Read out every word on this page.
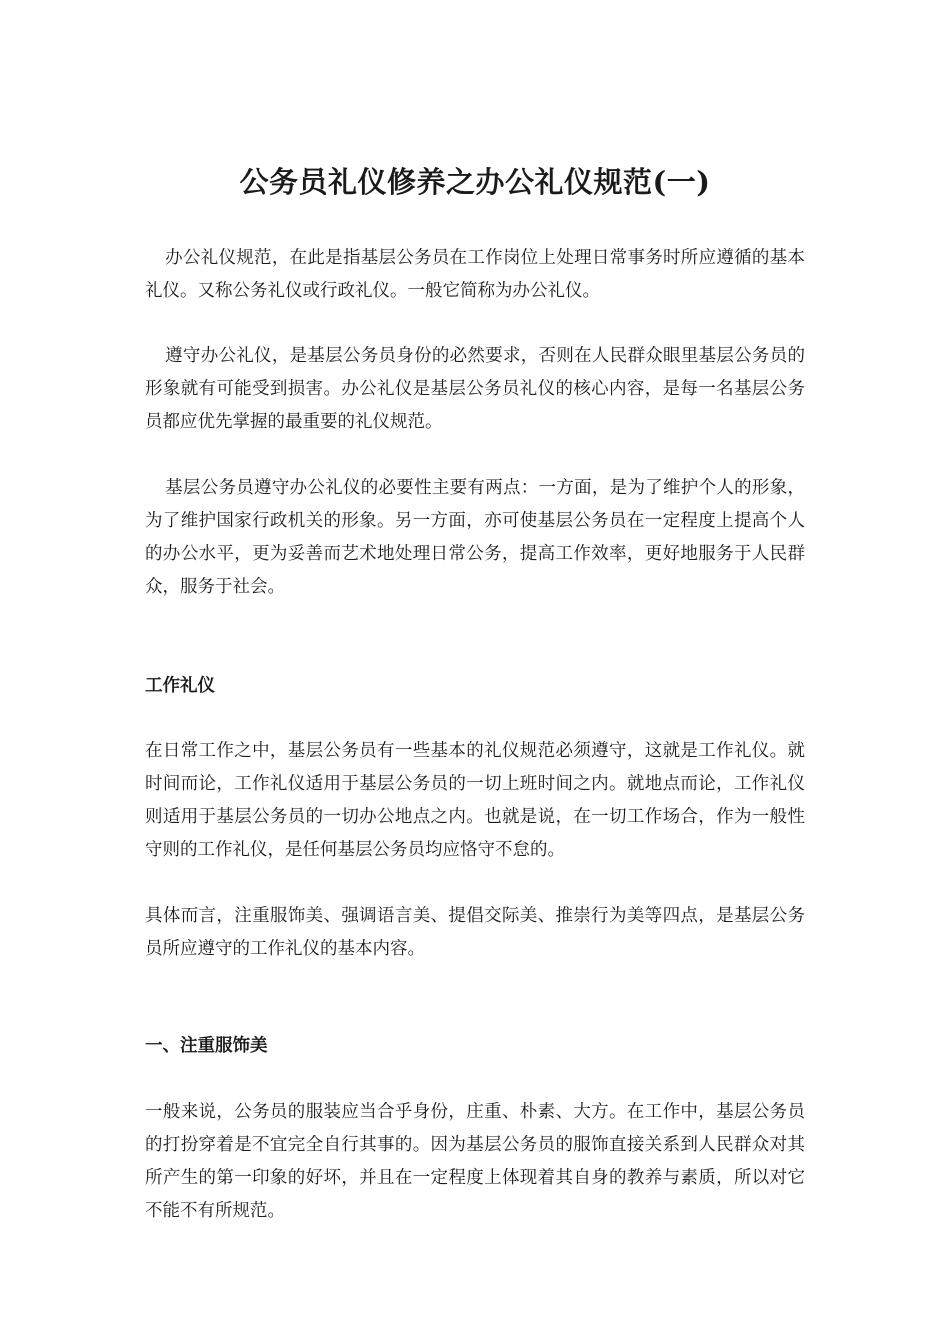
公务员礼仪修养之办公礼仪规范(一)

办公礼仪规范，在此是指基层公务员在工作岗位上处理日常事务时所应遵循的基本礼仪。又称公务礼仪或行政礼仪。一般它简称为办公礼仪。

遵守办公礼仪，是基层公务员身份的必然要求，否则在人民群众眼里基层公务员的形象就有可能受到损害。办公礼仪是基层公务员礼仪的核心内容，是每一名基层公务员都应优先掌握的最重要的礼仪规范。

基层公务员遵守办公礼仪的必要性主要有两点：一方面，是为了维护个人的形象，为了维护国家行政机关的形象。另一方面，亦可使基层公务员在一定程度上提高个人的办公水平，更为妥善而艺术地处理日常公务，提高工作效率，更好地服务于人民群众，服务于社会。

工作礼仪

在日常工作之中，基层公务员有一些基本的礼仪规范必须遵守，这就是工作礼仪。就时间而论，工作礼仪适用于基层公务员的一切上班时间之内。就地点而论，工作礼仪则适用于基层公务员的一切办公地点之内。也就是说，在一切工作场合，作为一般性守则的工作礼仪，是任何基层公务员均应恪守不怠的。

具体而言，注重服饰美、强调语言美、提倡交际美、推崇行为美等四点，是基层公务员所应遵守的工作礼仪的基本内容。

一、注重服饰美

一般来说，公务员的服装应当合乎身份，庄重、朴素、大方。在工作中，基层公务员的打扮穿着是不宜完全自行其事的。因为基层公务员的服饰直接关系到人民群众对其所产生的第一印象的好坏，并且在一定程度上体现着其自身的教养与素质，所以对它不能不有所规范。
